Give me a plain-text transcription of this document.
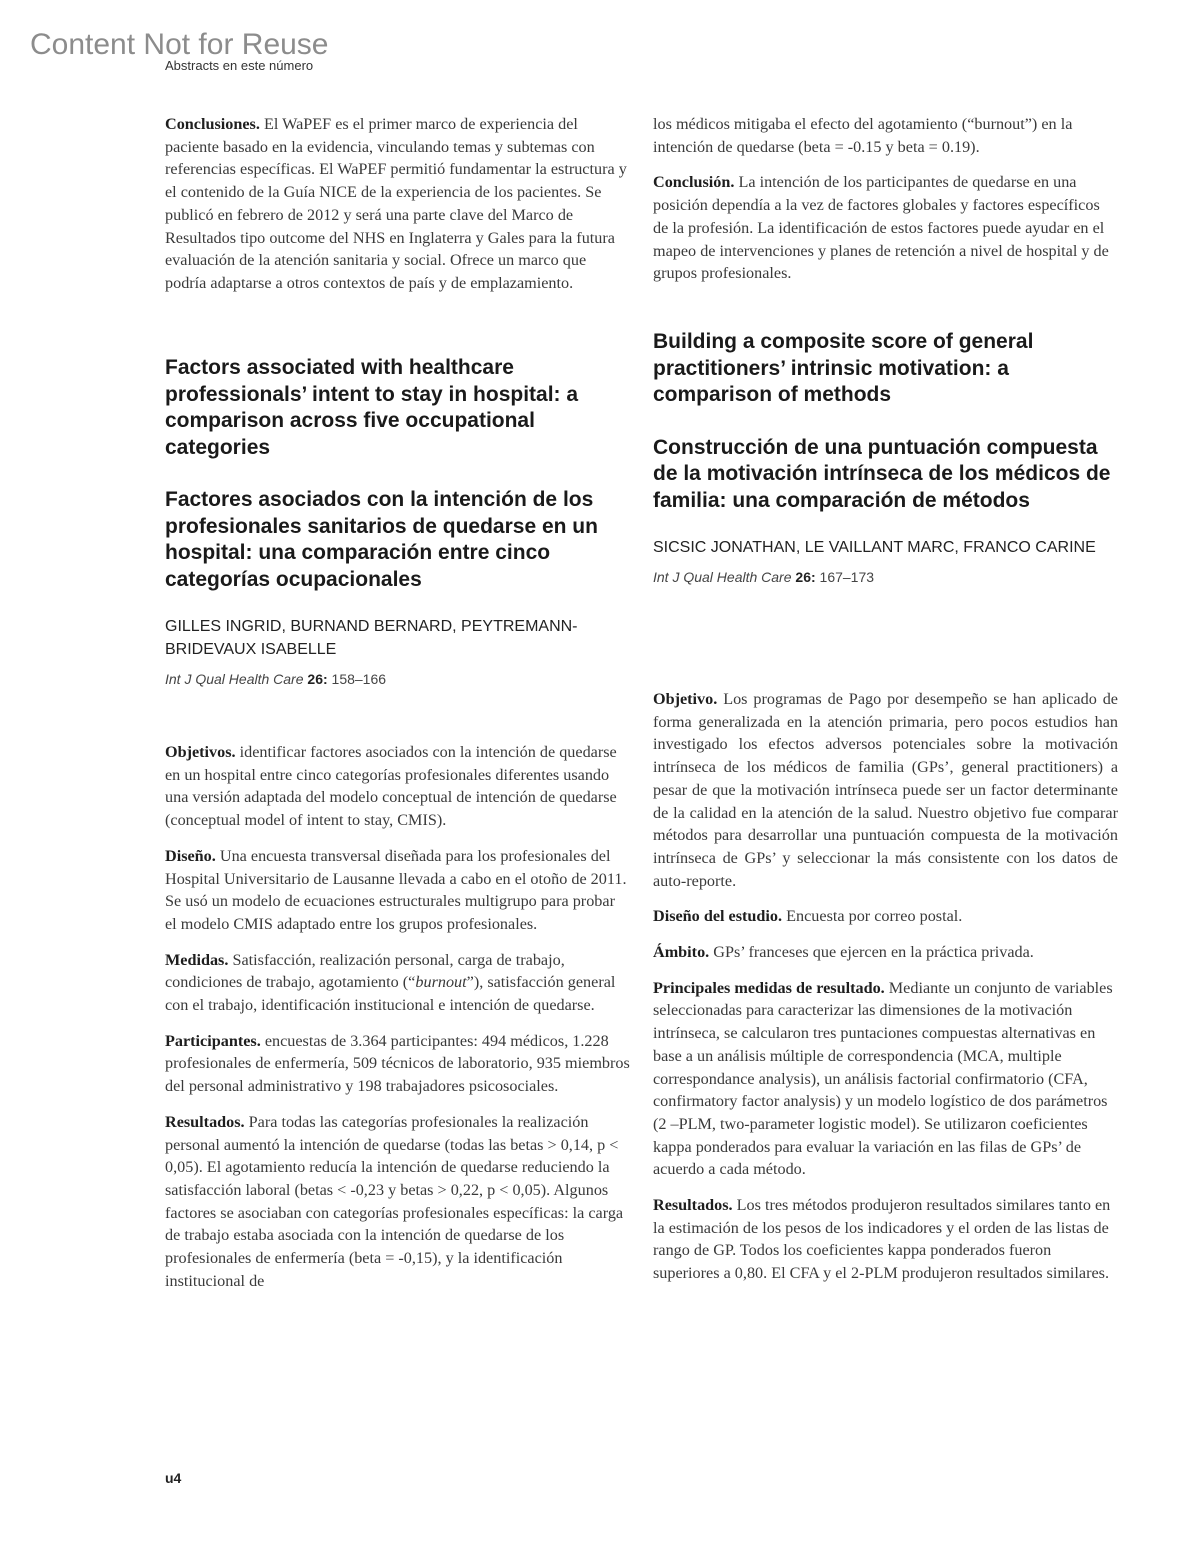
Content Not for Reuse
Abstracts en este número

Conclusiones. El WaPEF es el primer marco de experiencia del paciente basado en la evidencia, vinculando temas y subtemas con referencias específicas. El WaPEF permitió fundamentar la estructura y el contenido de la Guía NICE de la experiencia de los pacientes. Se publicó en febrero de 2012 y será una parte clave del Marco de Resultados tipo outcome del NHS en Inglaterra y Gales para la futura evaluación de la atención sanitaria y social. Ofrece un marco que podría adaptarse a otros contextos de país y de emplazamiento.

Factors associated with healthcare professionals’ intent to stay in hospital: a comparison across five occupational categories
Factores asociados con la intención de los profesionales sanitarios de quedarse en un hospital: una comparación entre cinco categorías ocupacionales

GILLES INGRID, BURNAND BERNARD, PEYTREMANN-BRIDEVAUX ISABELLE

Int J Qual Health Care 26: 158–166

Objetivos. identificar factores asociados con la intención de quedarse en un hospital entre cinco categorías profesionales diferentes usando una versión adaptada del modelo conceptual de intención de quedarse (conceptual model of intent to stay, CMIS).

Diseño. Una encuesta transversal diseñada para los profesionales del Hospital Universitario de Lausanne llevada a cabo en el otoño de 2011. Se usó un modelo de ecuaciones estructurales multigrupo para probar el modelo CMIS adaptado entre los grupos profesionales.

Medidas. Satisfacción, realización personal, carga de trabajo, condiciones de trabajo, agotamiento (“burnout”), satisfacción general con el trabajo, identificación institucional e intención de quedarse.

Participantes. encuestas de 3.364 participantes: 494 médicos, 1.228 profesionales de enfermería, 509 técnicos de laboratorio, 935 miembros del personal administrativo y 198 trabajadores psicosociales.

Resultados. Para todas las categorías profesionales la realización personal aumentó la intención de quedarse (todas las betas > 0,14, p < 0,05). El agotamiento reducía la intención de quedarse reduciendo la satisfacción laboral (betas < -0,23 y betas > 0,22, p < 0,05). Algunos factores se asociaban con categorías profesionales específicas: la carga de trabajo estaba asociada con la intención de quedarse de los profesionales de enfermería (beta = -0,15), y la identificación institucional de

los médicos mitigaba el efecto del agotamiento (“burnout”) en la intención de quedarse (beta = -0.15 y beta = 0.19).

Conclusión. La intención de los participantes de quedarse en una posición dependía a la vez de factores globales y factores específicos de la profesión. La identificación de estos factores puede ayudar en el mapeo de intervenciones y planes de retención a nivel de hospital y de grupos profesionales.

Building a composite score of general practitioners’ intrinsic motivation: a comparison of methods
Construcción de una puntuación compuesta de la motivación intrínseca de los médicos de familia: una comparación de métodos

SICSIC JONATHAN, LE VAILLANT MARC, FRANCO CARINE

Int J Qual Health Care 26: 167–173

Objetivo. Los programas de Pago por desempeño se han aplicado de forma generalizada en la atención primaria, pero pocos estudios han investigado los efectos adversos potenciales sobre la motivación intrínseca de los médicos de familia (GPs’, general practitioners) a pesar de que la motivación intrínseca puede ser un factor determinante de la calidad en la atención de la salud. Nuestro objetivo fue comparar métodos para desarrollar una puntuación compuesta de la motivación intrínseca de GPs’ y seleccionar la más consistente con los datos de auto-reporte.

Diseño del estudio. Encuesta por correo postal.

Ámbito. GPs’ franceses que ejercen en la práctica privada.

Principales medidas de resultado. Mediante un conjunto de variables seleccionadas para caracterizar las dimensiones de la motivación intrínseca, se calcularon tres puntaciones compuestas alternativas en base a un análisis múltiple de correspondencia (MCA, multiple correspondance analysis), un análisis factorial confirmatorio (CFA, confirmatory factor analysis) y un modelo logístico de dos parámetros (2 –PLM, two-parameter logistic model). Se utilizaron coeficientes kappa ponderados para evaluar la variación en las filas de GPs’ de acuerdo a cada método.

Resultados. Los tres métodos produjeron resultados similares tanto en la estimación de los pesos de los indicadores y el orden de las listas de rango de GP. Todos los coeficientes kappa ponderados fueron superiores a 0,80. El CFA y el 2-PLM produjeron resultados similares.

u4
